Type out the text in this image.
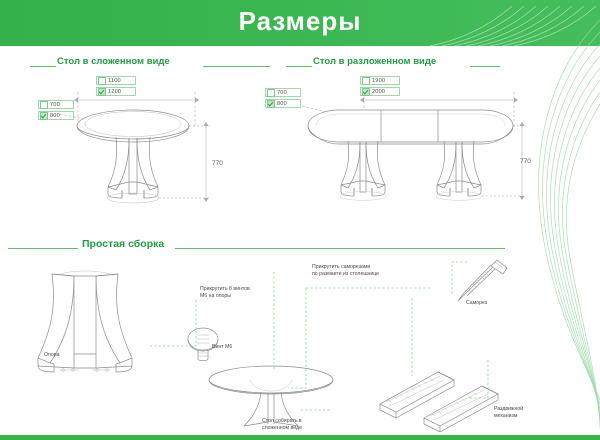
Размеры
Стол в сложенном виде
1100
1200
700
800
770
Стол в разложенном виде
1900
2000
700
800
770
Простая сборка
Опора
Винт М6
Саморез
Прикрутить 8 винтов
М6 на опоры
Прикрутить саморезами
по размаете из столешнице
Стол собирать в
сложенном виде
Раздвижной
механизм
